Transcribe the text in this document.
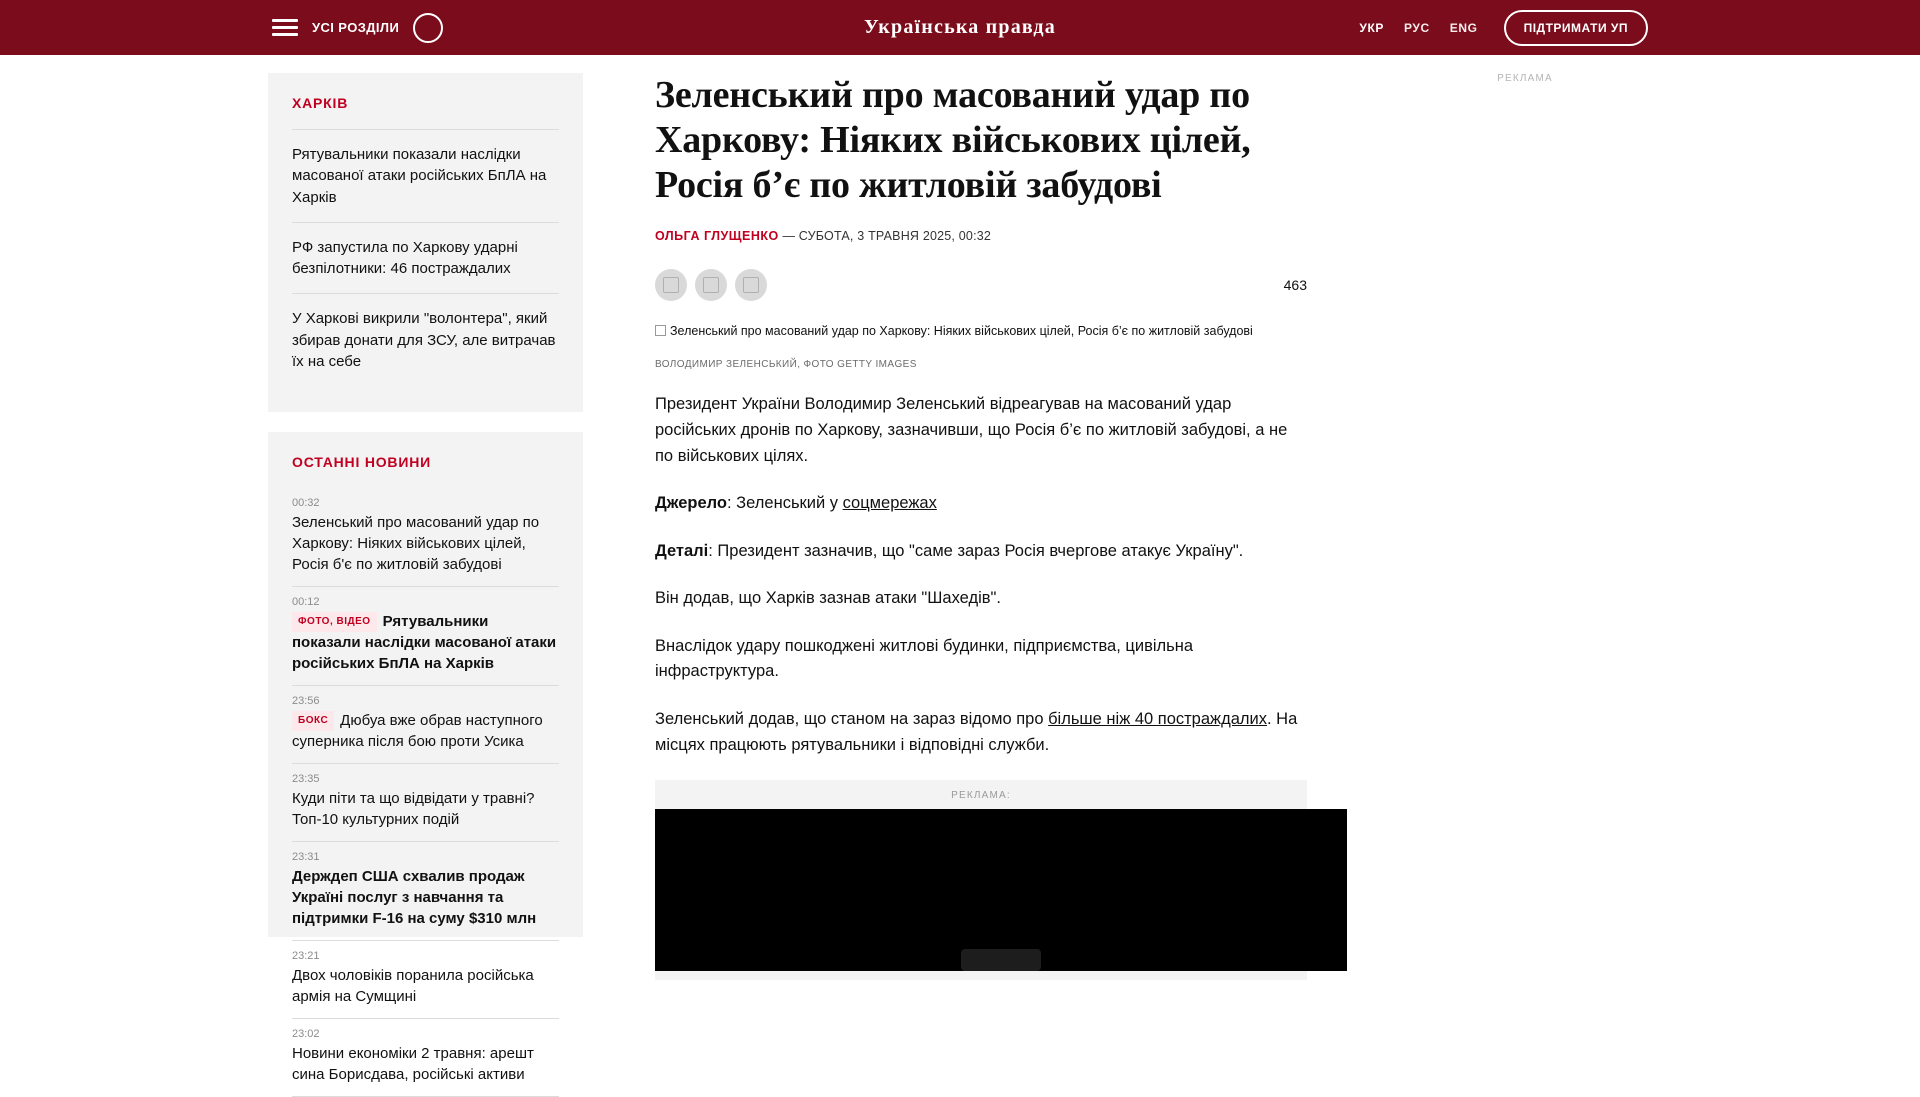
УСІ РОЗДІЛИ	Українська правда	УКР РУС ENG	ПІДТРИМАТИ УП
ХАРКІВ
Рятувальники показали наслідки масованої атаки російських БпЛА на Харків
РФ запустила по Харкову ударні безпілотники: 46 постраждалих
У Харкові викрили "волонтера", який збирав донати для ЗСУ, але витрачав їх на себе
ОСТАННІ НОВИНИ
00:32
Зеленський про масований удар по Харкову: Ніяких військових цілей, Росія б'є по житловій забудові
00:12
ФОТО, ВІДЕО Рятувальники показали наслідки масованої атаки російських БпЛА на Харків
23:56
БОКС Дюбуа вже обрав наступного суперника після бою проти Усика
23:35
Куди піти та що відвідати у травні? Топ-10 культурних подій
23:31
Держдеп США схвалив продаж Україні послуг з навчання та підтримки F-16 на суму $310 млн
23:21
Двох чоловіків поранила російська армія на Сумщині
23:02
Новини економіки 2 травня: арешт сина Борисдава, російські активи
Зеленський про масований удар по Харкову: Ніяких військових цілей, Росія б’є по житловій забудові
ОЛЬГА ГЛУЩЕНКО — СУБОТА, 3 ТРАВНЯ 2025, 00:32
463
Зеленський про масований удар по Харкову: Ніяких військових цілей, Росія б’є по житловій забудові
ВОЛОДИМИР ЗЕЛЕНСЬКИЙ, ФОТО GETTY IMAGES

Президент України Володимир Зеленський відреагував на масований удар російських дронів по Харкову, зазначивши, що Росія б’є по житловій забудові, а не по військових цілях.

Джерело: Зеленський у соцмережах

Деталі: Президент зазначив, що "саме зараз Росія вчергове атакує Україну".

Він додав, що Харків зазнав атаки "Шахедів".

Внаслідок удару пошкоджені житлові будинки, підприємства, цивільна інфраструктура.

Зеленський додав, що станом на зараз відомо про більше ніж 40 постраждалих. На місцях працюють рятувальники і відповідні служби.

РЕКЛАМА:
РЕКЛАМА
